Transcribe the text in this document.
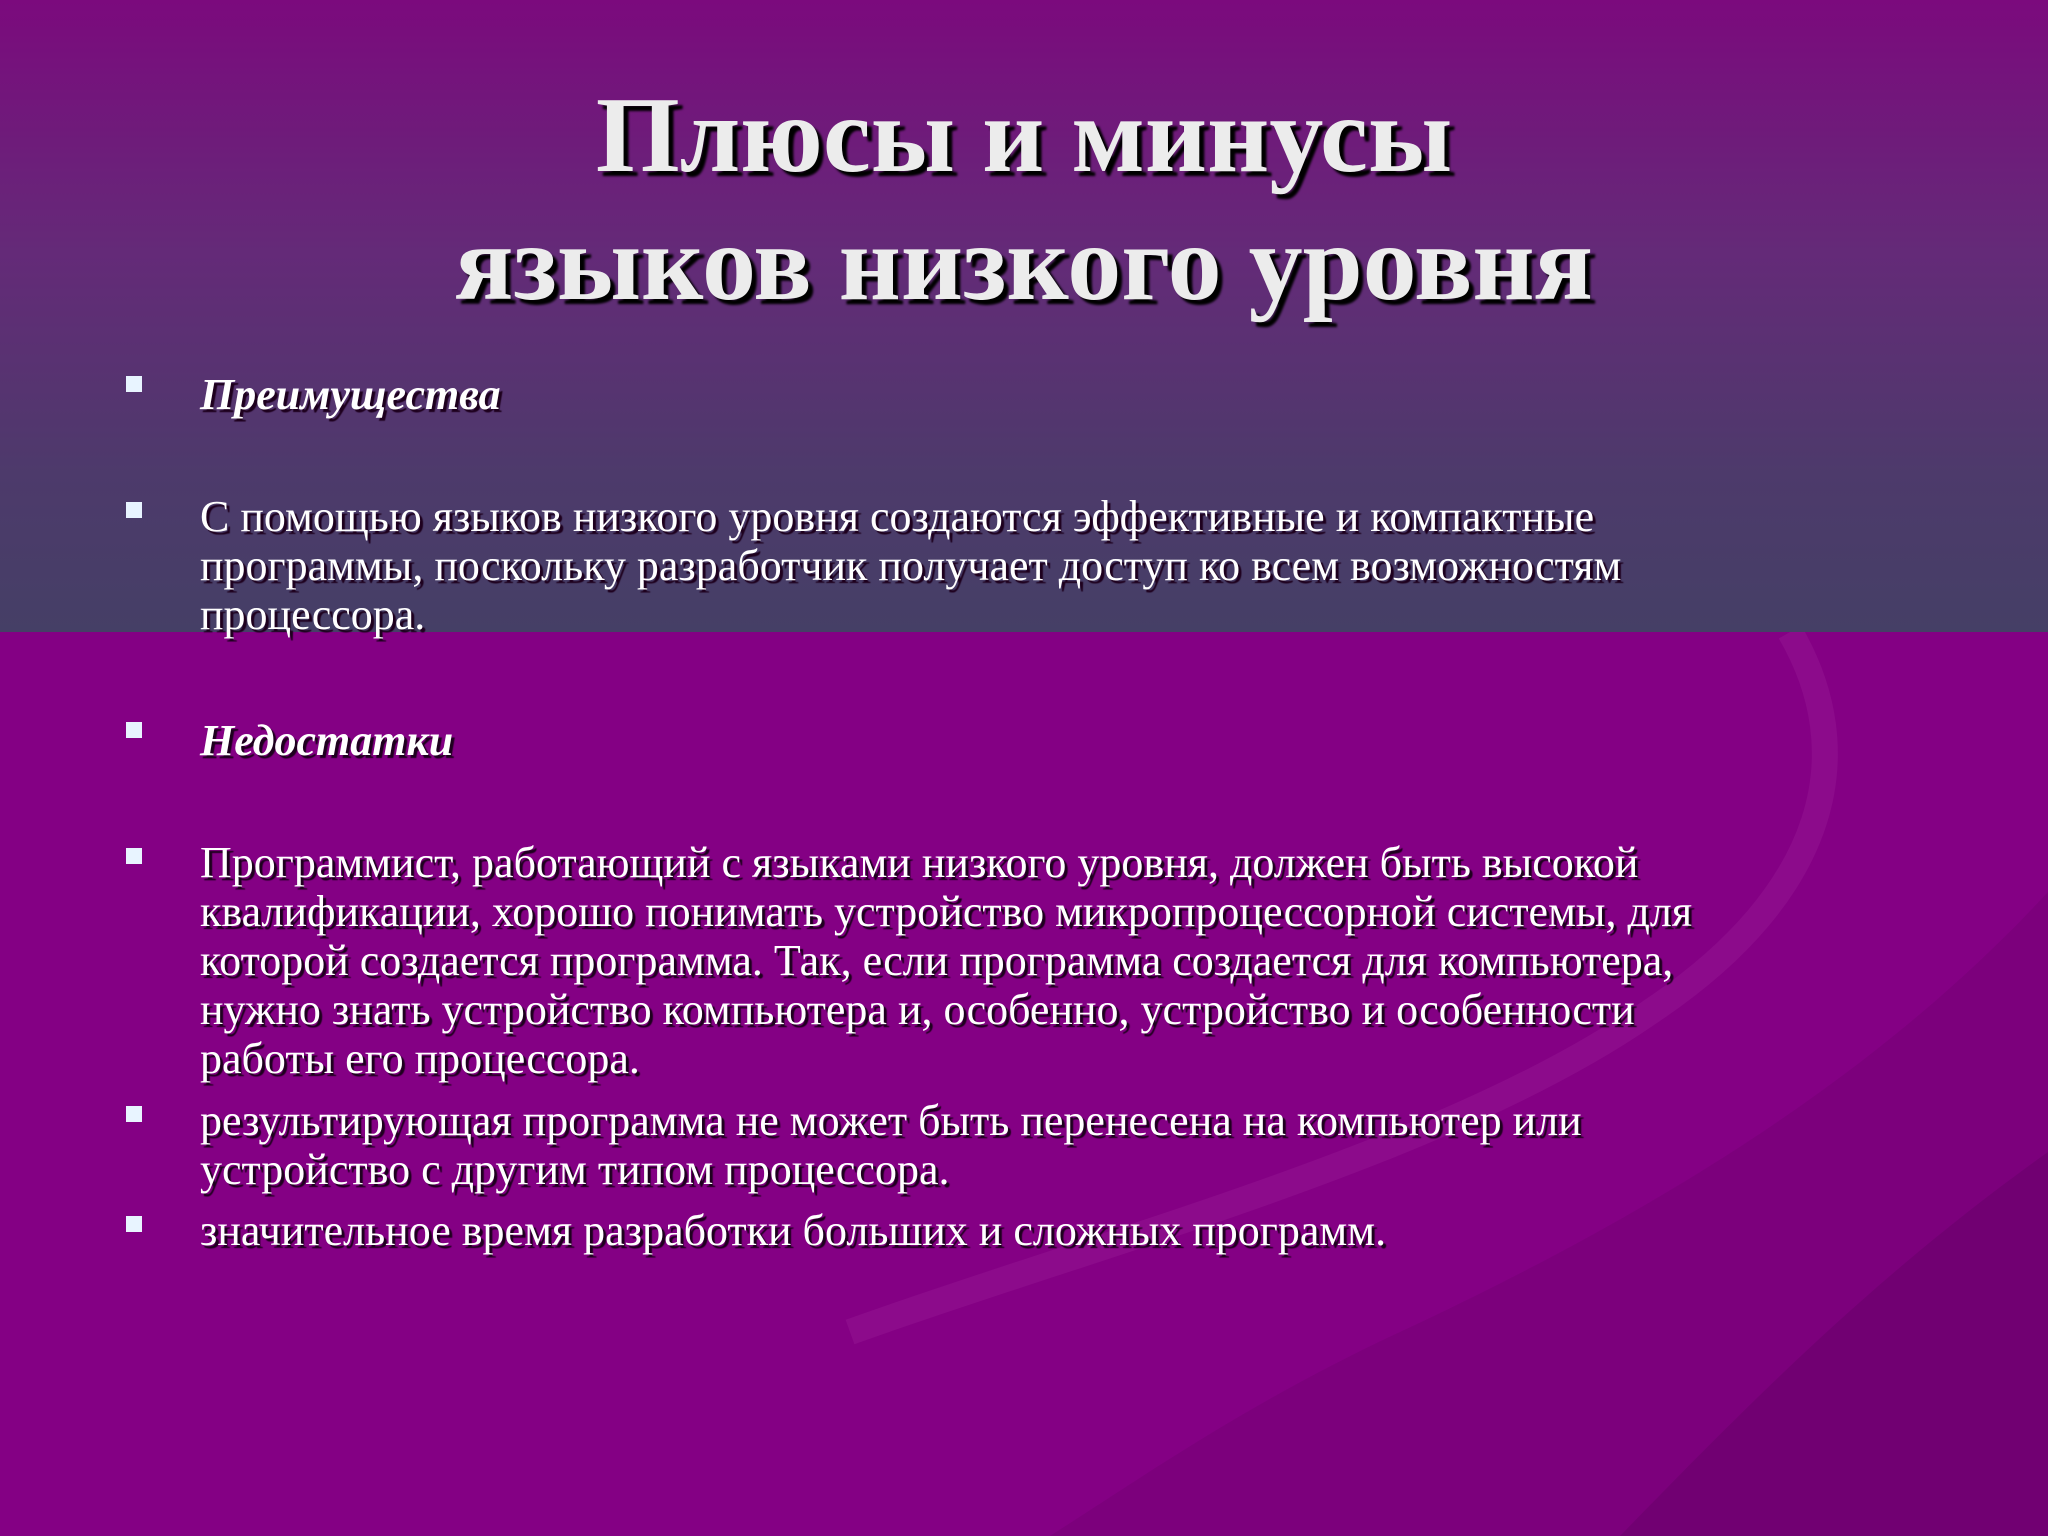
Плюсы и минусы
языков низкого уровня
Преимущества
С помощью языков низкого уровня создаются эффективные и компактные
программы, поскольку разработчик получает доступ ко всем возможностям
процессора.
Недостатки
Программист, работающий с языками низкого уровня, должен быть высокой
квалификации, хорошо понимать устройство микропроцессорной системы, для
которой создается программа. Так, если программа создается для компьютера,
нужно знать устройство компьютера и, особенно, устройство и особенности
работы его процессора.
результирующая программа не может быть перенесена на компьютер или
устройство с другим типом процессора.
значительное время разработки больших и сложных программ.
